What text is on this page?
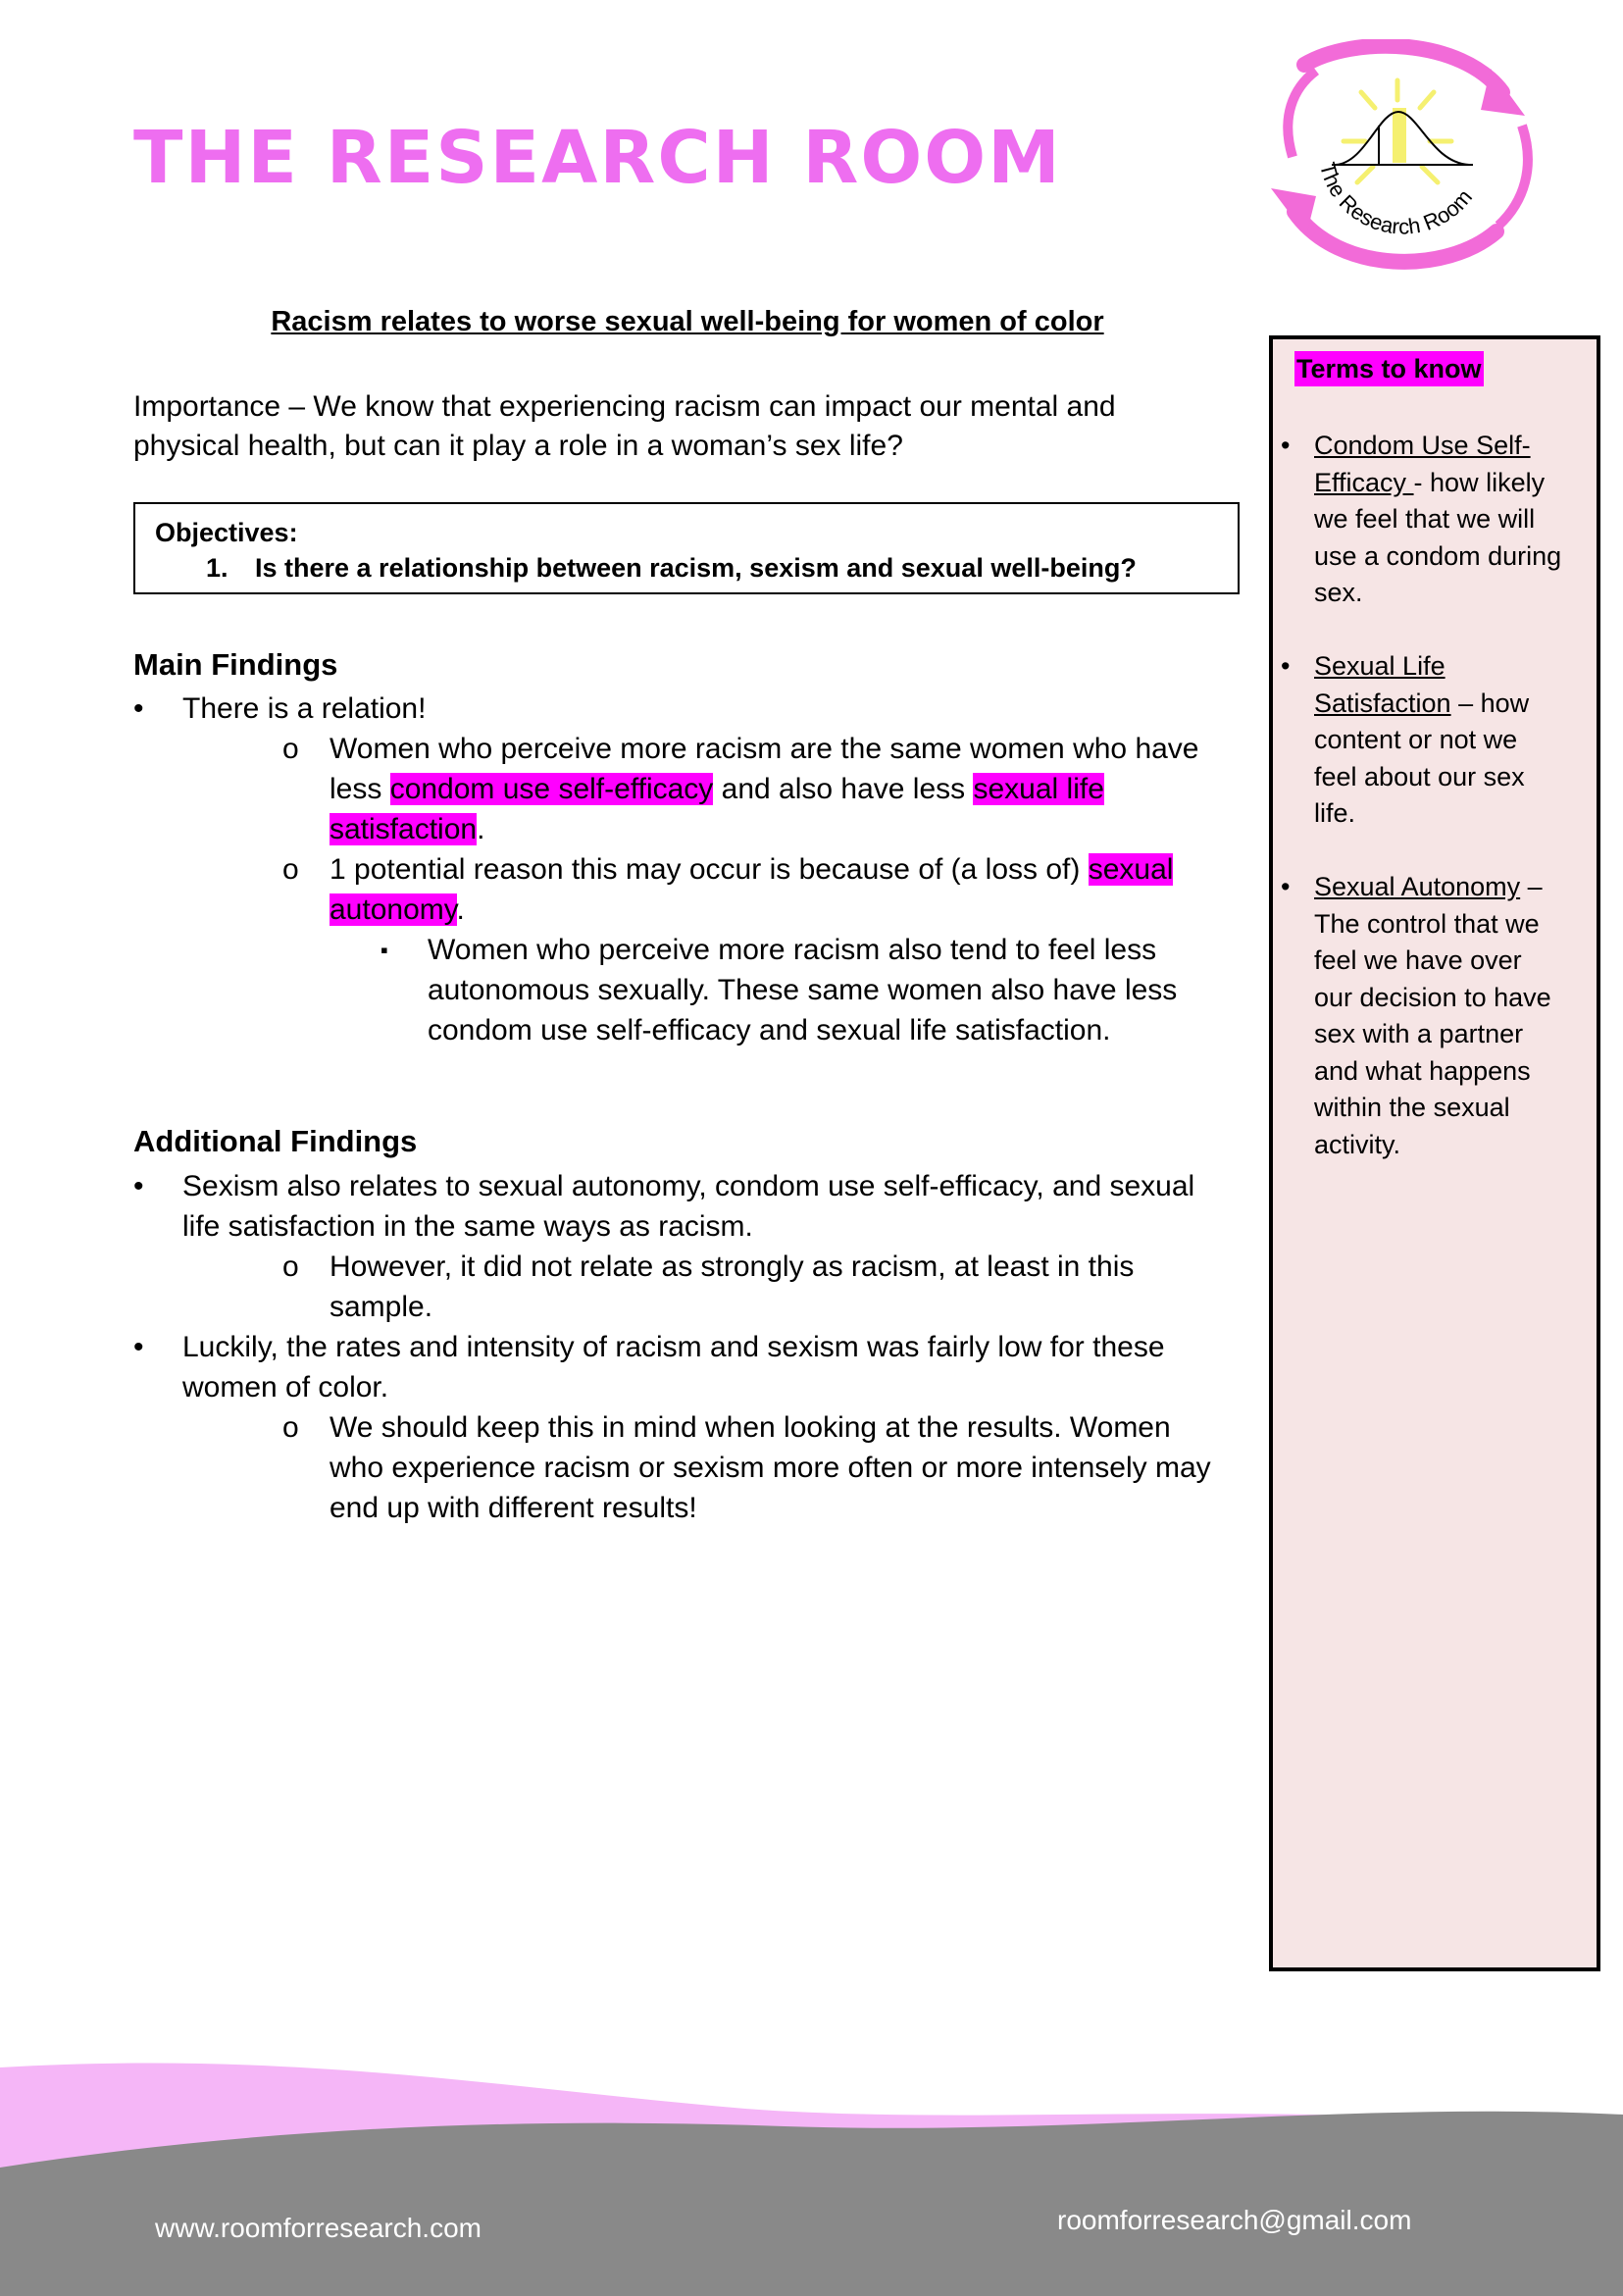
THE RESEARCH ROOM	The Research Room
Racism relates to worse sexual well-being for women of color
Importance – We know that experiencing racism can impact our mental and
physical health, but can it play a role in a woman’s sex life?
Objectives:
1. Is there a relationship between racism, sexism and sexual well-being?
Main Findings
• There is a relation!
o Women who perceive more racism are the same women who have
less condom use self-efficacy and also have less sexual life
satisfaction.
o 1 potential reason this may occur is because of (a loss of) sexual
autonomy.
▪ Women who perceive more racism also tend to feel less
autonomous sexually. These same women also have less
condom use self-efficacy and sexual life satisfaction.
Additional Findings
• Sexism also relates to sexual autonomy, condom use self-efficacy, and sexual
life satisfaction in the same ways as racism.
o However, it did not relate as strongly as racism, at least in this
sample.
• Luckily, the rates and intensity of racism and sexism was fairly low for these
women of color.
o We should keep this in mind when looking at the results. Women
who experience racism or sexism more often or more intensely may
end up with different results!
Terms to know
• Condom Use Self-
Efficacy - how likely
we feel that we will
use a condom during
sex.
• Sexual Life
Satisfaction – how
content or not we
feel about our sex
life.
• Sexual Autonomy –
The control that we
feel we have over
our decision to have
sex with a partner
and what happens
within the sexual
activity.
www.roomforresearch.com	roomforresearch@gmail.com
